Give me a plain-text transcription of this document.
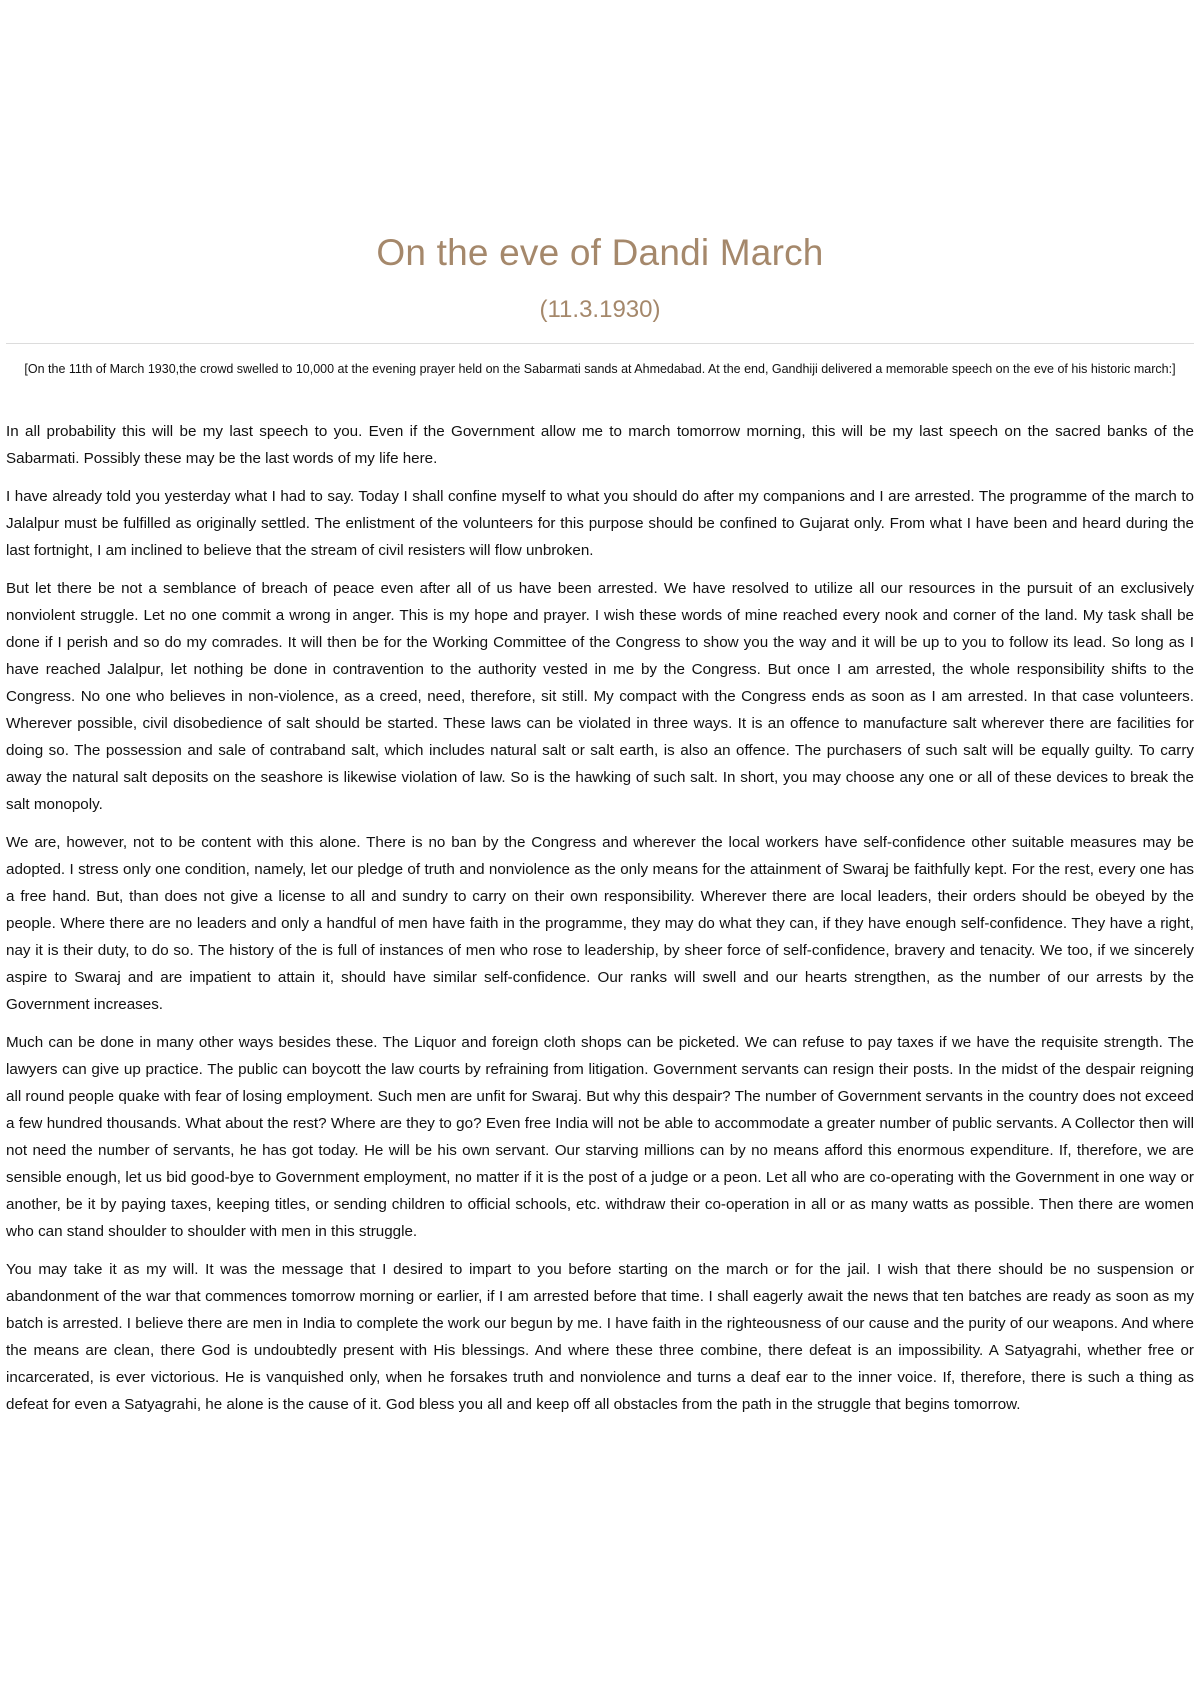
On the eve of Dandi March
(11.3.1930)

[On the 11th of March 1930,the crowd swelled to 10,000 at the evening prayer held on the Sabarmati sands at Ahmedabad. At the end, Gandhiji delivered a memorable speech on the eve of his historic march:]

In all probability this will be my last speech to you. Even if the Government allow me to march tomorrow morning, this will be my last speech on the sacred banks of the Sabarmati. Possibly these may be the last words of my life here.

I have already told you yesterday what I had to say. Today I shall confine myself to what you should do after my companions and I are arrested. The programme of the march to Jalalpur must be fulfilled as originally settled. The enlistment of the volunteers for this purpose should be confined to Gujarat only. From what I have been and heard during the last fortnight, I am inclined to believe that the stream of civil resisters will flow unbroken.

But let there be not a semblance of breach of peace even after all of us have been arrested. We have resolved to utilize all our resources in the pursuit of an exclusively nonviolent struggle. Let no one commit a wrong in anger. This is my hope and prayer. I wish these words of mine reached every nook and corner of the land. My task shall be done if I perish and so do my comrades. It will then be for the Working Committee of the Congress to show you the way and it will be up to you to follow its lead. So long as I have reached Jalalpur, let nothing be done in contravention to the authority vested in me by the Congress. But once I am arrested, the whole responsibility shifts to the Congress. No one who believes in non-violence, as a creed, need, therefore, sit still. My compact with the Congress ends as soon as I am arrested. In that case volunteers. Wherever possible, civil disobedience of salt should be started. These laws can be violated in three ways. It is an offence to manufacture salt wherever there are facilities for doing so. The possession and sale of contraband salt, which includes natural salt or salt earth, is also an offence. The purchasers of such salt will be equally guilty. To carry away the natural salt deposits on the seashore is likewise violation of law. So is the hawking of such salt. In short, you may choose any one or all of these devices to break the salt monopoly.

We are, however, not to be content with this alone. There is no ban by the Congress and wherever the local workers have self-confidence other suitable measures may be adopted. I stress only one condition, namely, let our pledge of truth and nonviolence as the only means for the attainment of Swaraj be faithfully kept. For the rest, every one has a free hand. But, than does not give a license to all and sundry to carry on their own responsibility. Wherever there are local leaders, their orders should be obeyed by the people. Where there are no leaders and only a handful of men have faith in the programme, they may do what they can, if they have enough self-confidence. They have a right, nay it is their duty, to do so. The history of the is full of instances of men who rose to leadership, by sheer force of self-confidence, bravery and tenacity. We too, if we sincerely aspire to Swaraj and are impatient to attain it, should have similar self-confidence. Our ranks will swell and our hearts strengthen, as the number of our arrests by the Government increases.

Much can be done in many other ways besides these. The Liquor and foreign cloth shops can be picketed. We can refuse to pay taxes if we have the requisite strength. The lawyers can give up practice. The public can boycott the law courts by refraining from litigation. Government servants can resign their posts. In the midst of the despair reigning all round people quake with fear of losing employment. Such men are unfit for Swaraj. But why this despair? The number of Government servants in the country does not exceed a few hundred thousands. What about the rest? Where are they to go? Even free India will not be able to accommodate a greater number of public servants. A Collector then will not need the number of servants, he has got today. He will be his own servant. Our starving millions can by no means afford this enormous expenditure. If, therefore, we are sensible enough, let us bid good-bye to Government employment, no matter if it is the post of a judge or a peon. Let all who are co-operating with the Government in one way or another, be it by paying taxes, keeping titles, or sending children to official schools, etc. withdraw their co-operation in all or as many watts as possible. Then there are women who can stand shoulder to shoulder with men in this struggle.

You may take it as my will. It was the message that I desired to impart to you before starting on the march or for the jail. I wish that there should be no suspension or abandonment of the war that commences tomorrow morning or earlier, if I am arrested before that time. I shall eagerly await the news that ten batches are ready as soon as my batch is arrested. I believe there are men in India to complete the work our begun by me. I have faith in the righteousness of our cause and the purity of our weapons. And where the means are clean, there God is undoubtedly present with His blessings. And where these three combine, there defeat is an impossibility. A Satyagrahi, whether free or incarcerated, is ever victorious. He is vanquished only, when he forsakes truth and nonviolence and turns a deaf ear to the inner voice. If, therefore, there is such a thing as defeat for even a Satyagrahi, he alone is the cause of it. God bless you all and keep off all obstacles from the path in the struggle that begins tomorrow.
